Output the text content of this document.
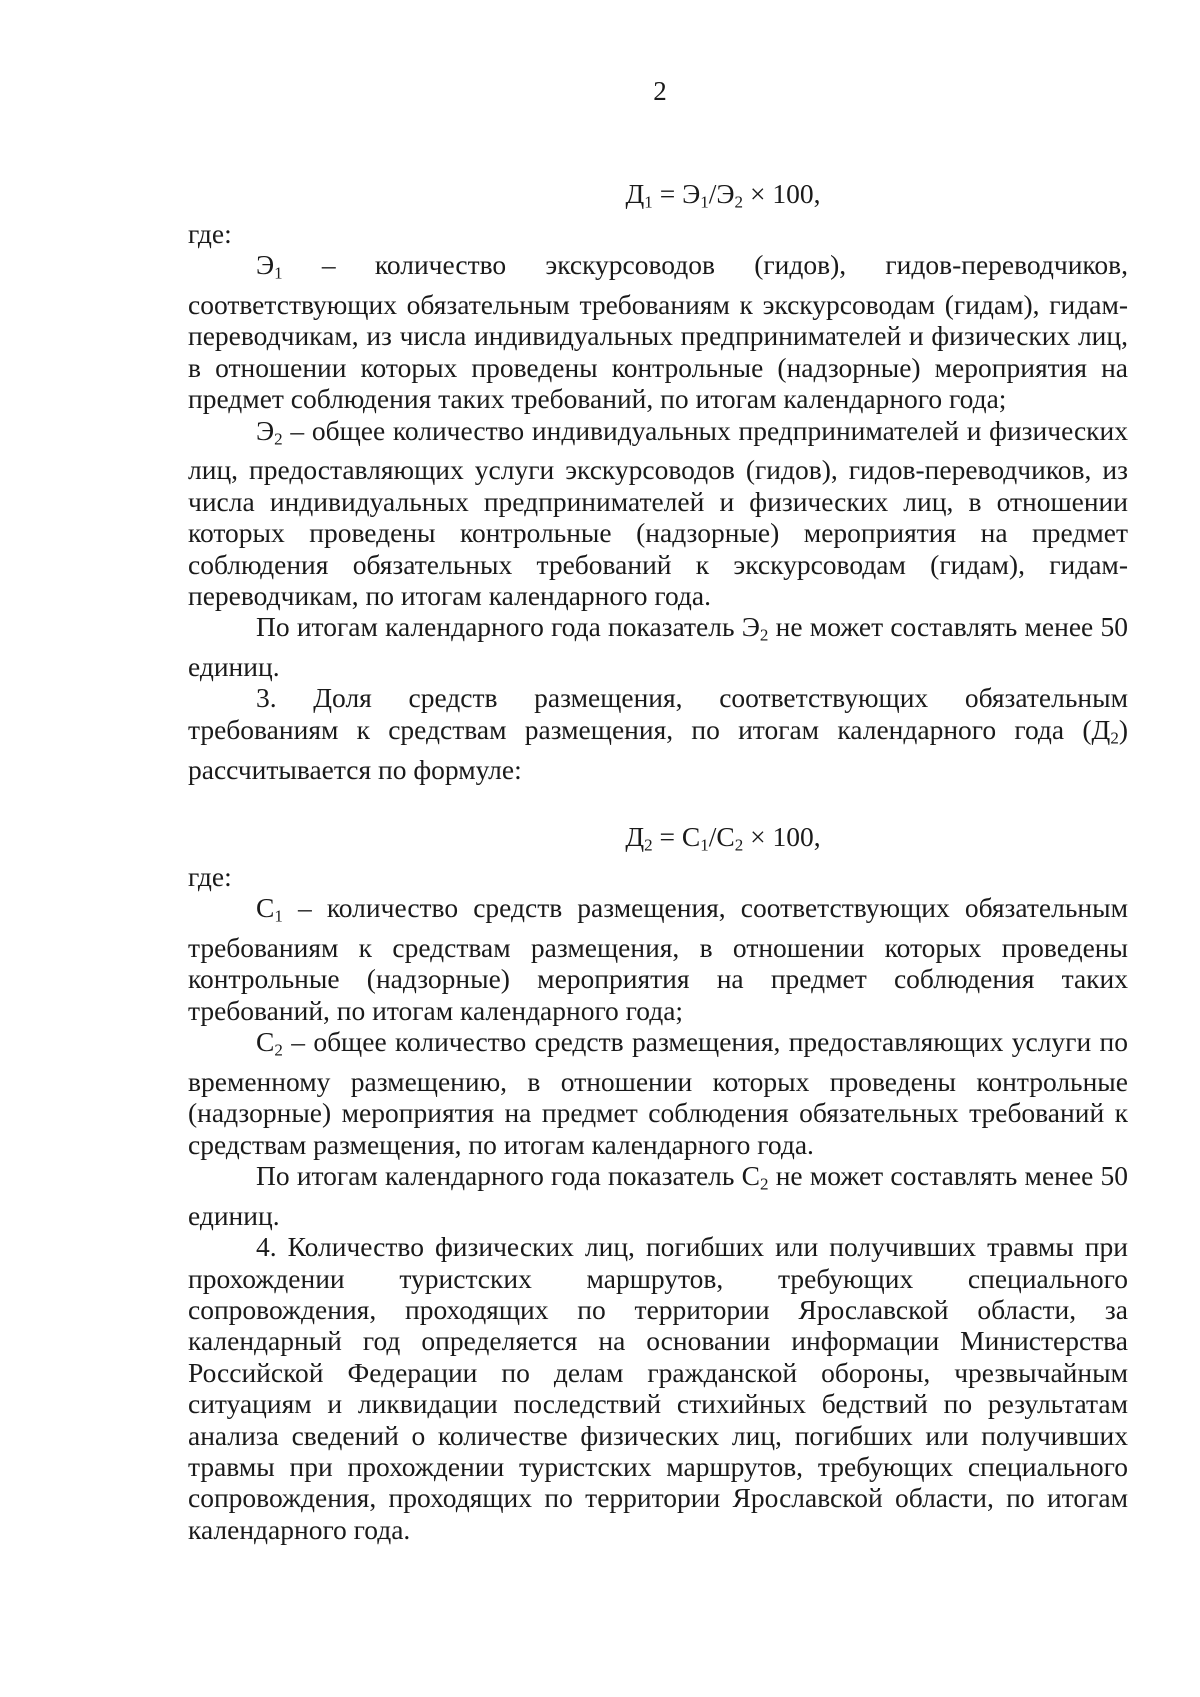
2

$Д_1 = Э_1/Э_2 \times 100$,

где:

$Э_1$ – количество экскурсоводов (гидов), гидов-переводчиков, соответствующих обязательным требованиям к экскурсоводам (гидам), гидам-переводчикам, из числа индивидуальных предпринимателей и физических лиц, в отношении которых проведены контрольные (надзорные) мероприятия на предмет соблюдения таких требований, по итогам календарного года;

$Э_2$ – общее количество индивидуальных предпринимателей и физических лиц, предоставляющих услуги экскурсоводов (гидов), гидов-переводчиков, из числа индивидуальных предпринимателей и физических лиц, в отношении которых проведены контрольные (надзорные) мероприятия на предмет соблюдения обязательных требований к экскурсоводам (гидам), гидам-переводчикам, по итогам календарного года.

По итогам календарного года показатель $Э_2$ не может составлять менее 50 единиц.

3. Доля средств размещения, соответствующих обязательным требованиям к средствам размещения, по итогам календарного года $(Д_2)$ рассчитывается по формуле:

$Д_2 = С_1/С_2 \times 100$,

где:

$С_1$ – количество средств размещения, соответствующих обязательным требованиям к средствам размещения, в отношении которых проведены контрольные (надзорные) мероприятия на предмет соблюдения таких требований, по итогам календарного года;

$С_2$ – общее количество средств размещения, предоставляющих услуги по временному размещению, в отношении которых проведены контрольные (надзорные) мероприятия на предмет соблюдения обязательных требований к средствам размещения, по итогам календарного года.

По итогам календарного года показатель $С_2$ не может составлять менее 50 единиц.

4. Количество физических лиц, погибших или получивших травмы при прохождении туристских маршрутов, требующих специального сопровождения, проходящих по территории Ярославской области, за календарный год определяется на основании информации Министерства Российской Федерации по делам гражданской обороны, чрезвычайным ситуациям и ликвидации последствий стихийных бедствий по результатам анализа сведений о количестве физических лиц, погибших или получивших травмы при прохождении туристских маршрутов, требующих специального сопровождения, проходящих по территории Ярославской области, по итогам календарного года.
